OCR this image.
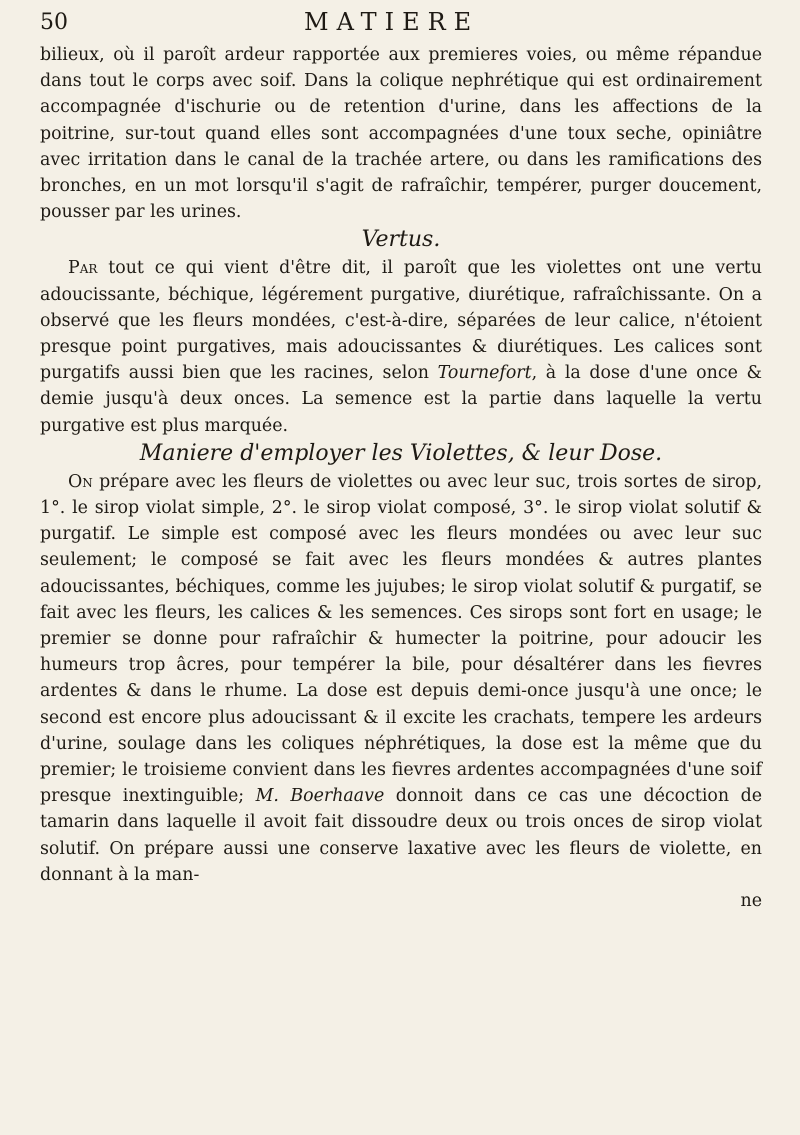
50	MATIERE

bilieux, où il paroît ardeur rapportée aux premieres voies, ou même répandue dans tout le corps avec soif. Dans la colique nephrétique qui est ordinairement accompagnée d'ischurie ou de retention d'urine, dans les affections de la poitrine, sur-tout quand elles sont accompagnées d'une toux seche, opiniâtre avec irritation dans le canal de la trachée artere, ou dans les ramifications des bronches, en un mot lorsqu'il s'agit de rafraîchir, tempérer, purger doucement, pousser par les urines.

Vertus.

Par tout ce qui vient d'être dit, il paroît que les violettes ont une vertu adoucissante, béchique, légérement purgative, diurétique, rafraîchissante. On a observé que les fleurs mondées, c'est-à-dire, séparées de leur calice, n'étoient presque point purgatives, mais adoucissantes & diurétiques. Les calices sont purgatifs aussi bien que les racines, selon Tournefort, à la dose d'une once & demie jusqu'à deux onces. La semence est la partie dans laquelle la vertu purgative est plus marquée.

Maniere d'employer les Violettes, & leur Dose.

On prépare avec les fleurs de violettes ou avec leur suc, trois sortes de sirop, 1°. le sirop violat simple, 2°. le sirop violat composé, 3°. le sirop violat solutif & purgatif. Le simple est composé avec les fleurs mondées ou avec leur suc seulement; le composé se fait avec les fleurs mondées & autres plantes adoucissantes, béchiques, comme les jujubes; le sirop violat solutif & purgatif, se fait avec les fleurs, les calices & les semences. Ces sirops sont fort en usage; le premier se donne pour rafraîchir & humecter la poitrine, pour adoucir les humeurs trop âcres, pour tempérer la bile, pour désaltérer dans les fievres ardentes & dans le rhume. La dose est depuis demi-once jusqu'à une once; le second est encore plus adoucissant & il excite les crachats, tempere les ardeurs d'urine, soulage dans les coliques néphrétiques, la dose est la même que du premier; le troisieme convient dans les fievres ardentes accompagnées d'une soif presque inextinguible; M. Boerhaave donnoit dans ce cas une décoction de tamarin dans laquelle il avoit fait dissoudre deux ou trois onces de sirop violat solutif. On prépare aussi une conserve laxative avec les fleurs de violette, en donnant à la man-

ne
